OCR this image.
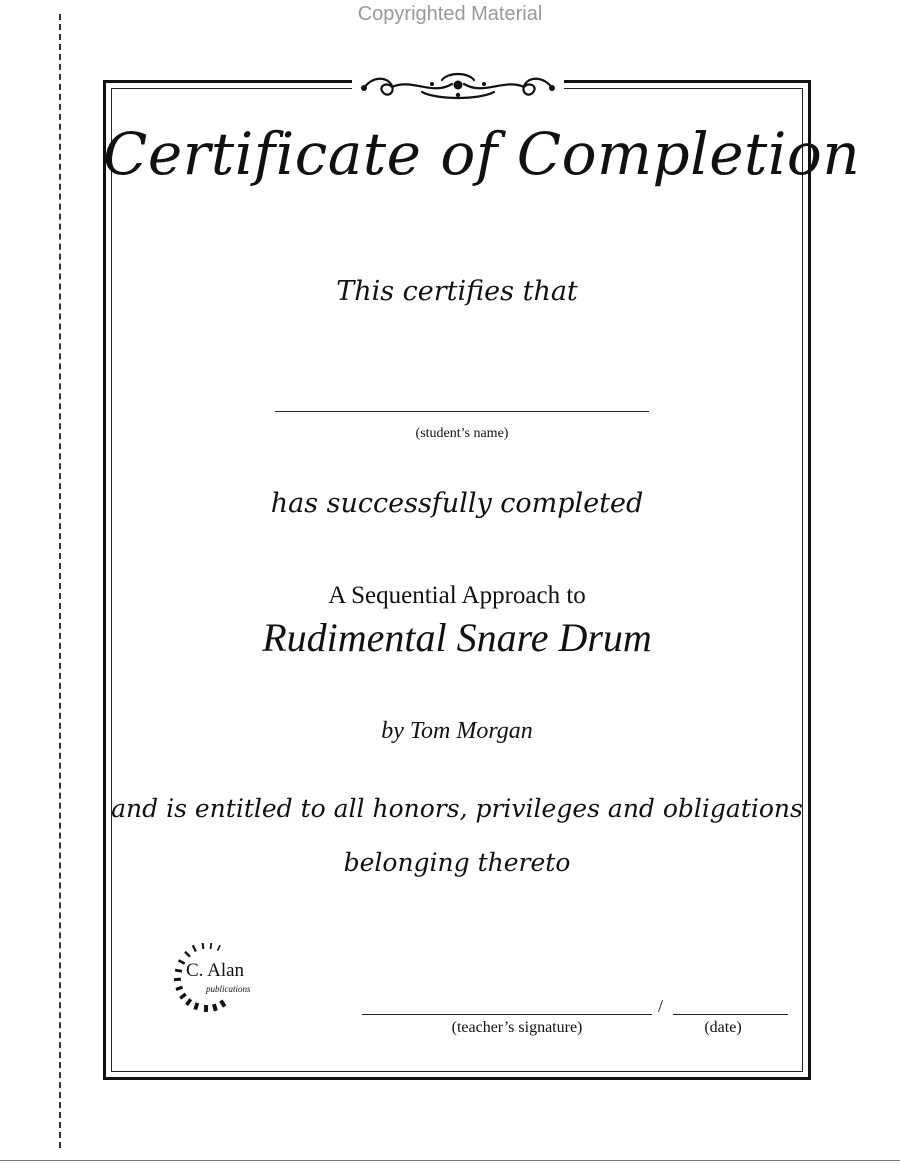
Copyrighted Material
Certificate of Completion
This certifies that
(student’s name)
has successfully completed
A Sequential Approach to
Rudimental Snare Drum
by Tom Morgan
and is entitled to all honors, privileges and obligations
belonging thereto
C. Alan
publications
/
(teacher’s signature)	(date)
